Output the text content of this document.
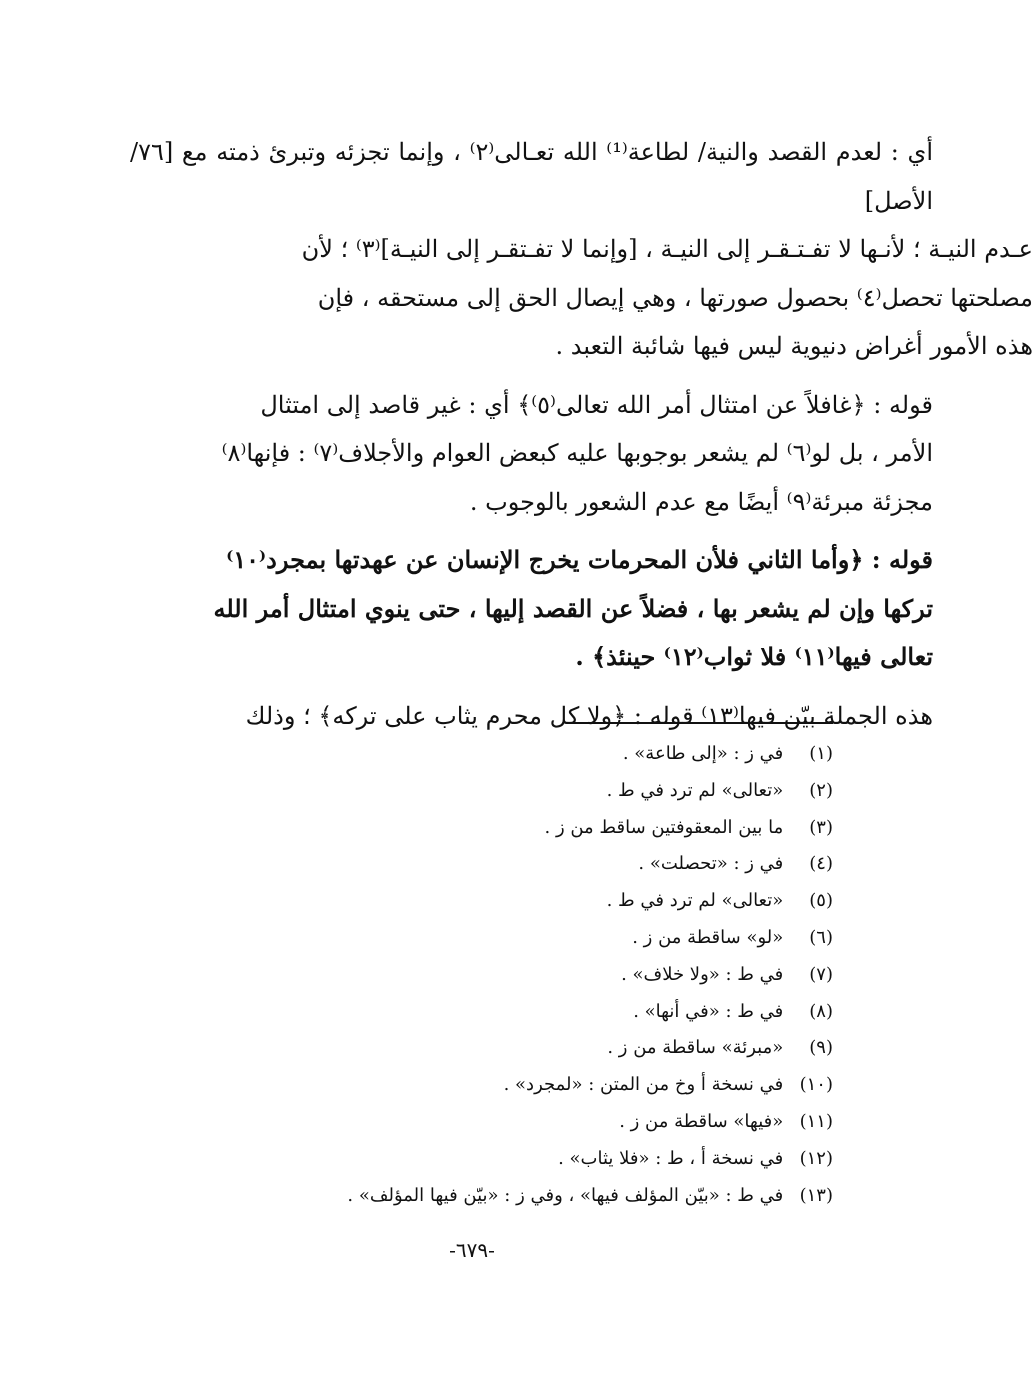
أي : لعدم القصد والنية/ لطاعة⁽¹⁾ الله تعـالى⁽٢⁾ ، وإنما تجزئه وتبرئ ذمته مع [٧٦/الأصل]
عـدم النيـة ؛ لأنـها لا تفـتـقـر إلى النيـة ، [وإنما لا تفـتقـر إلى النيـة]⁽٣⁾ ؛ لأن
مصلحتها تحصل⁽٤⁾ بحصول صورتها ، وهي إيصال الحق إلى مستحقه ، فإن
هذه الأمور أغراض دنيوية ليس فيها شائبة التعبد .

قوله : ﴿غافلاً عن امتثال أمر الله تعالى⁽٥⁾﴾ أي : غير قاصد إلى امتثال
الأمر ، بل لو⁽٦⁾ لم يشعر بوجوبها عليه كبعض العوام والأجلاف⁽٧⁾ : فإنها⁽٨⁾
مجزئة مبرئة⁽٩⁾ أيضًا مع عدم الشعور بالوجوب .

قوله : ﴿وأما الثاني فلأن المحرمات يخرج الإنسان عن عهدتها بمجرد⁽١٠⁾
تركها وإن لم يشعر بها ، فضلاً عن القصد إليها ، حتى ينوي امتثال أمر الله
تعالى فيها⁽١١⁾ فلا ثواب⁽١٢⁾ حينئذ﴾ .

هذه الجملة بيّن فيها⁽١٣⁾ قوله : ﴿ولا كل محرم يثاب على تركه﴾ ؛ وذلك

(١) في ز : «إلى طاعة» .
(٢) «تعالى» لم ترد في ط .
(٣) ما بين المعقوفتين ساقط من ز .
(٤) في ز : «تحصلت» .
(٥) «تعالى» لم ترد في ط .
(٦) «لو» ساقطة من ز .
(٧) في ط : «ولا خلاف» .
(٨) في ط : «في أنها» .
(٩) «مبرئة» ساقطة من ز .
(١٠) في نسخة أ وخ من المتن : «لمجرد» .
(١١) «فيها» ساقطة من ز .
(١٢) في نسخة أ ، ط : «فلا يثاب» .
(١٣) في ط : «بيّن المؤلف فيها» ، وفي ز : «بيّن فيها المؤلف» .
-٦٧٩-
